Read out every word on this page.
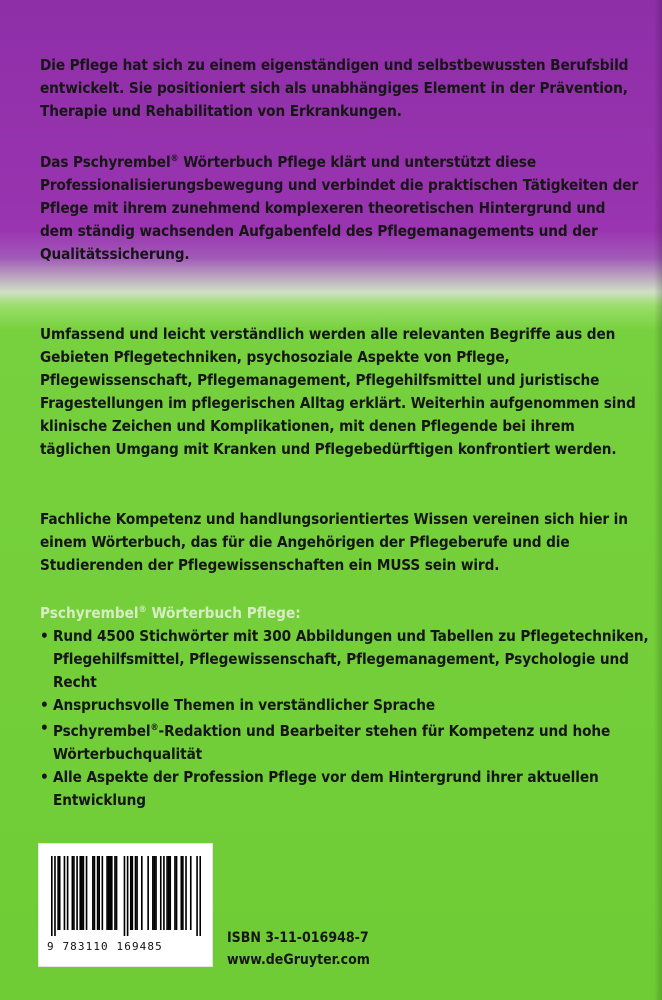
Die Pflege hat sich zu einem eigenständigen und selbstbewussten Berufsbild entwickelt. Sie positioniert sich als unabhängiges Element in der Prävention, Therapie und Rehabilitation von Erkrankungen.

Das Pschyrembel® Wörterbuch Pflege klärt und unterstützt diese Professionalisierungsbewegung und verbindet die praktischen Tätigkeiten der Pflege mit ihrem zunehmend komplexeren theoretischen Hintergrund und dem ständig wachsenden Aufgabenfeld des Pflegemanagements und der Qualitätssicherung.

Umfassend und leicht verständlich werden alle relevanten Begriffe aus den Gebieten Pflegetechniken, psychosoziale Aspekte von Pflege, Pflegewissenschaft, Pflegemanagement, Pflegehilfsmittel und juristische Fragestellungen im pflegerischen Alltag erklärt. Weiterhin aufgenommen sind klinische Zeichen und Komplikationen, mit denen Pflegende bei ihrem täglichen Umgang mit Kranken und Pflegebedürftigen konfrontiert werden.

Fachliche Kompetenz und handlungsorientiertes Wissen vereinen sich hier in einem Wörterbuch, das für die Angehörigen der Pflegeberufe und die Studierenden der Pflegewissenschaften ein MUSS sein wird.

Pschyrembel® Wörterbuch Pflege:
• Rund 4500 Stichwörter mit 300 Abbildungen und Tabellen zu Pflegetechniken, Pflegehilfsmittel, Pflegewissenschaft, Pflegemanagement, Psychologie und Recht
• Anspruchsvolle Themen in verständlicher Sprache
• Pschyrembel®-Redaktion und Bearbeiter stehen für Kompetenz und hohe Wörterbuchqualität
• Alle Aspekte der Profession Pflege vor dem Hintergrund ihrer aktuellen Entwicklung
9 783110 169485
ISBN 3-11-016948-7
www.deGruyter.com
